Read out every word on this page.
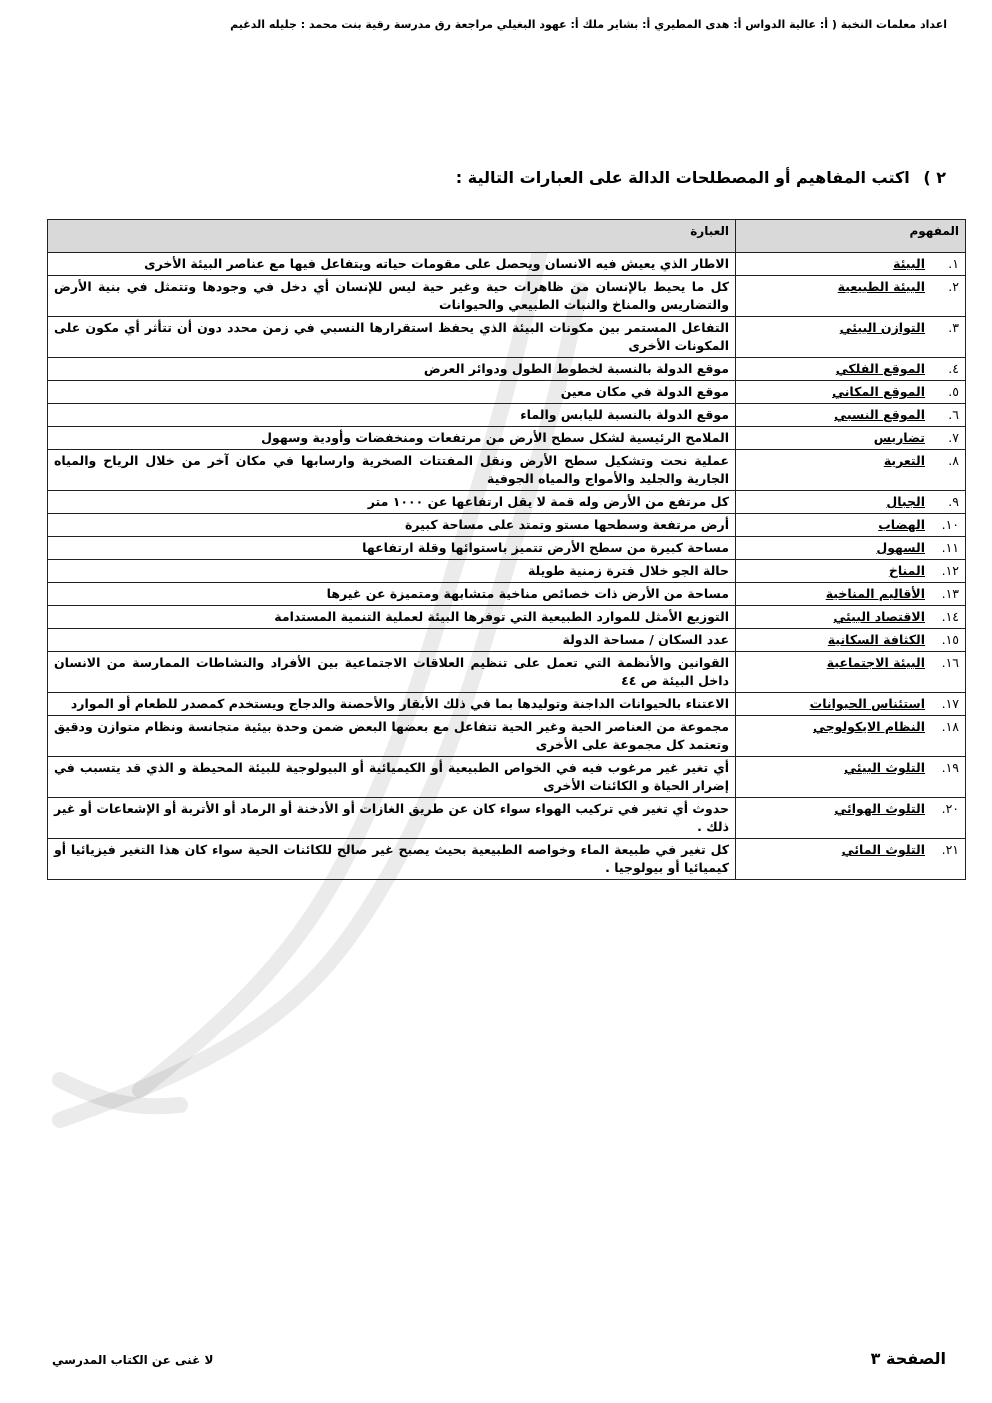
اعداد معلمات النخبة ( أ: عالية الدواس أ: هدى المطيري أ: بشاير ملك أ: عهود البغيلي مراجعة رق مدرسة رقية بنت محمد : جليله الدغيم
٢ ) اكتب المفاهيم أو المصطلحات الدالة على العبارات التالية :
المفهوم	العبارة
١.البيئة	الاطار الذي يعيش فيه الانسان ويحصل على مقومات حياته ويتفاعل فيها مع عناصر البيئة الأخرى
٢.البيئة الطبيعية	كل ما يحيط بالإنسان من ظاهرات حية وغير حية ليس للإنسان أي دخل في وجودها وتتمثل في بنية الأرض والتضاريس والمناخ والنبات الطبيعي والحيوانات
٣.التوازن البيئي	التفاعل المستمر بين مكونات البيئة الذي يحفظ استقرارها النسبي في زمن محدد دون أن تتأثر أي مكون على المكونات الأخرى
٤.الموقع الفلكي	موقع الدولة بالنسبة لخطوط الطول ودوائر العرض
٥.الموقع المكاني	موقع الدولة في مكان معين
٦.الموقع النسبي	موقع الدولة بالنسبة لليابس والماء
٧.تضاريس	الملامح الرئيسية لشكل سطح الأرض من مرتفعات ومنخفضات وأودية وسهول
٨.التعرية	عملية نحت وتشكيل سطح الأرض ونقل المفتتات الصخرية وارسابها في مكان آخر من خلال الرياح والمياه الجارية والجليد والأمواج والمياه الجوفية
٩.الجبال	كل مرتفع من الأرض وله قمة لا يقل ارتفاعها عن ١٠٠٠ متر
١٠.الهضاب	أرض مرتفعة وسطحها مستو وتمتد على مساحة كبيرة
١١.السهول	مساحة كبيرة من سطح الأرض تتميز باستوائها وقلة ارتفاعها
١٢.المناخ	حالة الجو خلال فترة زمنية طويلة
١٣.الأقاليم المناخية	مساحة من الأرض ذات خصائص مناخية متشابهة ومتميزة عن غيرها
١٤.الاقتصاد البيئي	التوزيع الأمثل للموارد الطبيعية التي توفرها البيئة لعملية التنمية المستدامة
١٥.الكثافة السكانية	عدد السكان / مساحة الدولة
١٦.البيئة الاجتماعية	القوانين والأنظمة التي تعمل على تنظيم العلاقات الاجتماعية بين الأفراد والنشاطات الممارسة من الانسان داخل البيئة ص ٤٤
١٧.استئناس الحيوانات	الاعتناء بالحيوانات الداجنة وتوليدها بما في ذلك الأبقار والأحصنة والدجاج ويستخدم كمصدر للطعام أو الموارد
١٨.النظام الايكولوجي	مجموعة من العناصر الحية وغير الحية تتفاعل مع بعضها البعض ضمن وحدة بيئية متجانسة ونظام متوازن ودقيق وتعتمد كل مجموعة على الأخرى
١٩.التلوث البيئي	أي تغير غير مرغوب فيه في الخواص الطبيعية أو الكيميائية أو البيولوجية للبيئة المحيطة و الذي قد يتسبب في إضرار الحياة و الكائنات الأخرى
٢٠.التلوث الهوائي	حدوث أي تغير في تركيب الهواء سواء كان عن طريق الغازات أو الأدخنة أو الرماد أو الأتربة أو الإشعاعات أو غير ذلك .
٢١.التلوث المائي	كل تغير في طبيعة الماء وخواصه الطبيعية بحيث يصبح غير صالح للكائنات الحية سواء كان هذا التغير فيزيائيا أو كيميائيا أو بيولوجيا .
لا غنى عن الكتاب المدرسي	الصفحة ٣
